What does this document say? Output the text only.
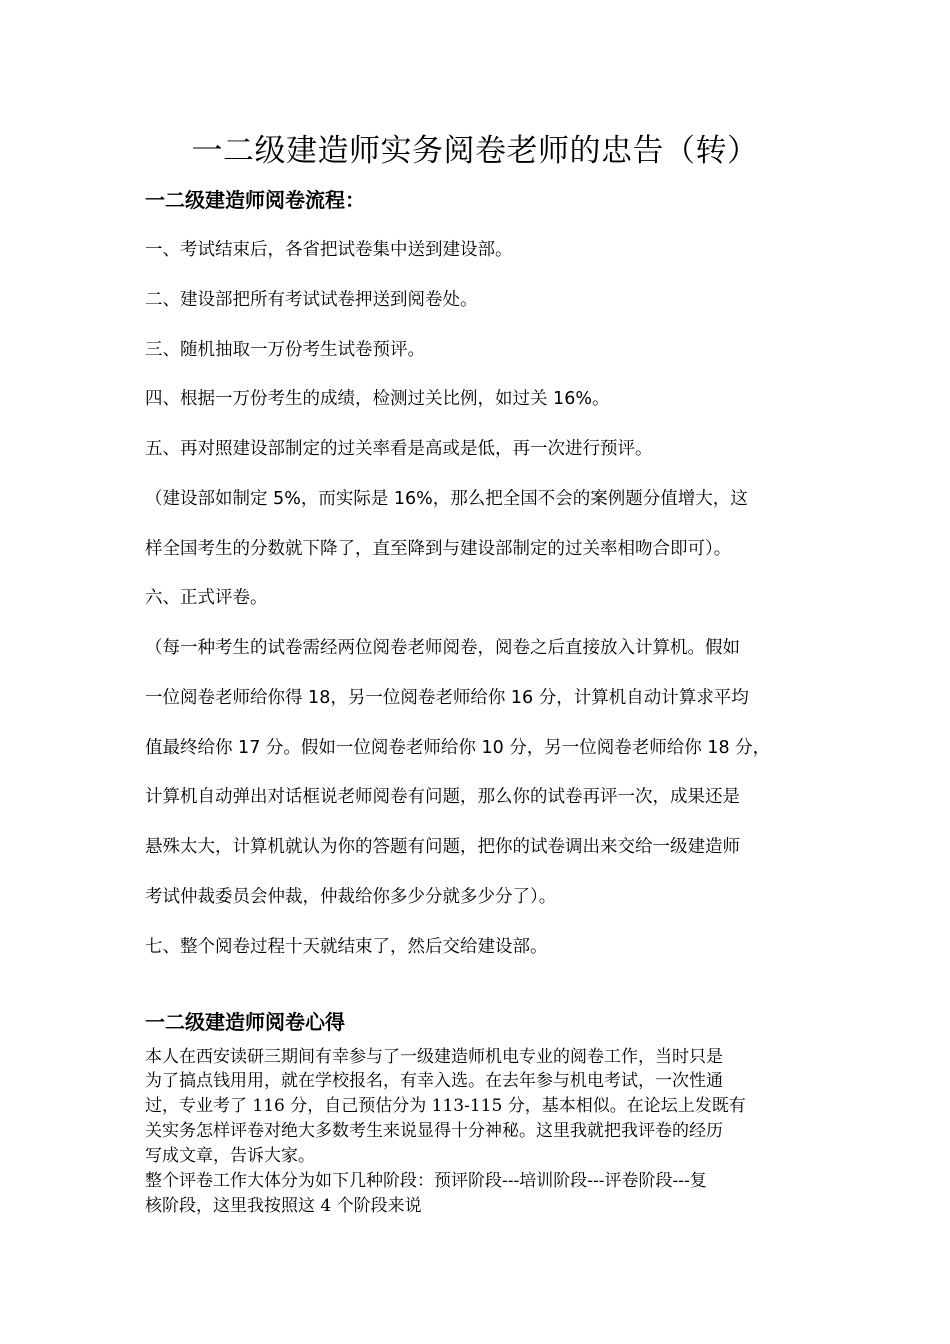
一二级建造师实务阅卷老师的忠告（转）
一二级建造师阅卷流程：
一、考试结束后，各省把试卷集中送到建设部。
二、建设部把所有考试试卷押送到阅卷处。
三、随机抽取一万份考生试卷预评。
四、根据一万份考生的成绩，检测过关比例，如过关 16%。
五、再对照建设部制定的过关率看是高或是低，再一次进行预评。
（建设部如制定 5%，而实际是 16%，那么把全国不会的案例题分值增大，这
样全国考生的分数就下降了，直至降到与建设部制定的过关率相吻合即可）。
六、正式评卷。
（每一种考生的试卷需经两位阅卷老师阅卷，阅卷之后直接放入计算机。假如
一位阅卷老师给你得 18，另一位阅卷老师给你 16 分，计算机自动计算求平均
值最终给你 17 分。假如一位阅卷老师给你 10 分，另一位阅卷老师给你 18 分，
计算机自动弹出对话框说老师阅卷有问题，那么你的试卷再评一次，成果还是
悬殊太大，计算机就认为你的答题有问题，把你的试卷调出来交给一级建造师
考试仲裁委员会仲裁，仲裁给你多少分就多少分了）。
七、整个阅卷过程十天就结束了，然后交给建设部。
一二级建造师阅卷心得
本人在西安读研三期间有幸参与了一级建造师机电专业的阅卷工作，当时只是
为了搞点钱用用，就在学校报名，有幸入选。在去年参与机电考试，一次性通
过，专业考了 116 分，自己预估分为 113-115 分，基本相似。在论坛上发既有
关实务怎样评卷对绝大多数考生来说显得十分神秘。这里我就把我评卷的经历
写成文章，告诉大家。
整个评卷工作大体分为如下几种阶段：预评阶段---培训阶段---评卷阶段---复
核阶段，这里我按照这 4 个阶段来说
